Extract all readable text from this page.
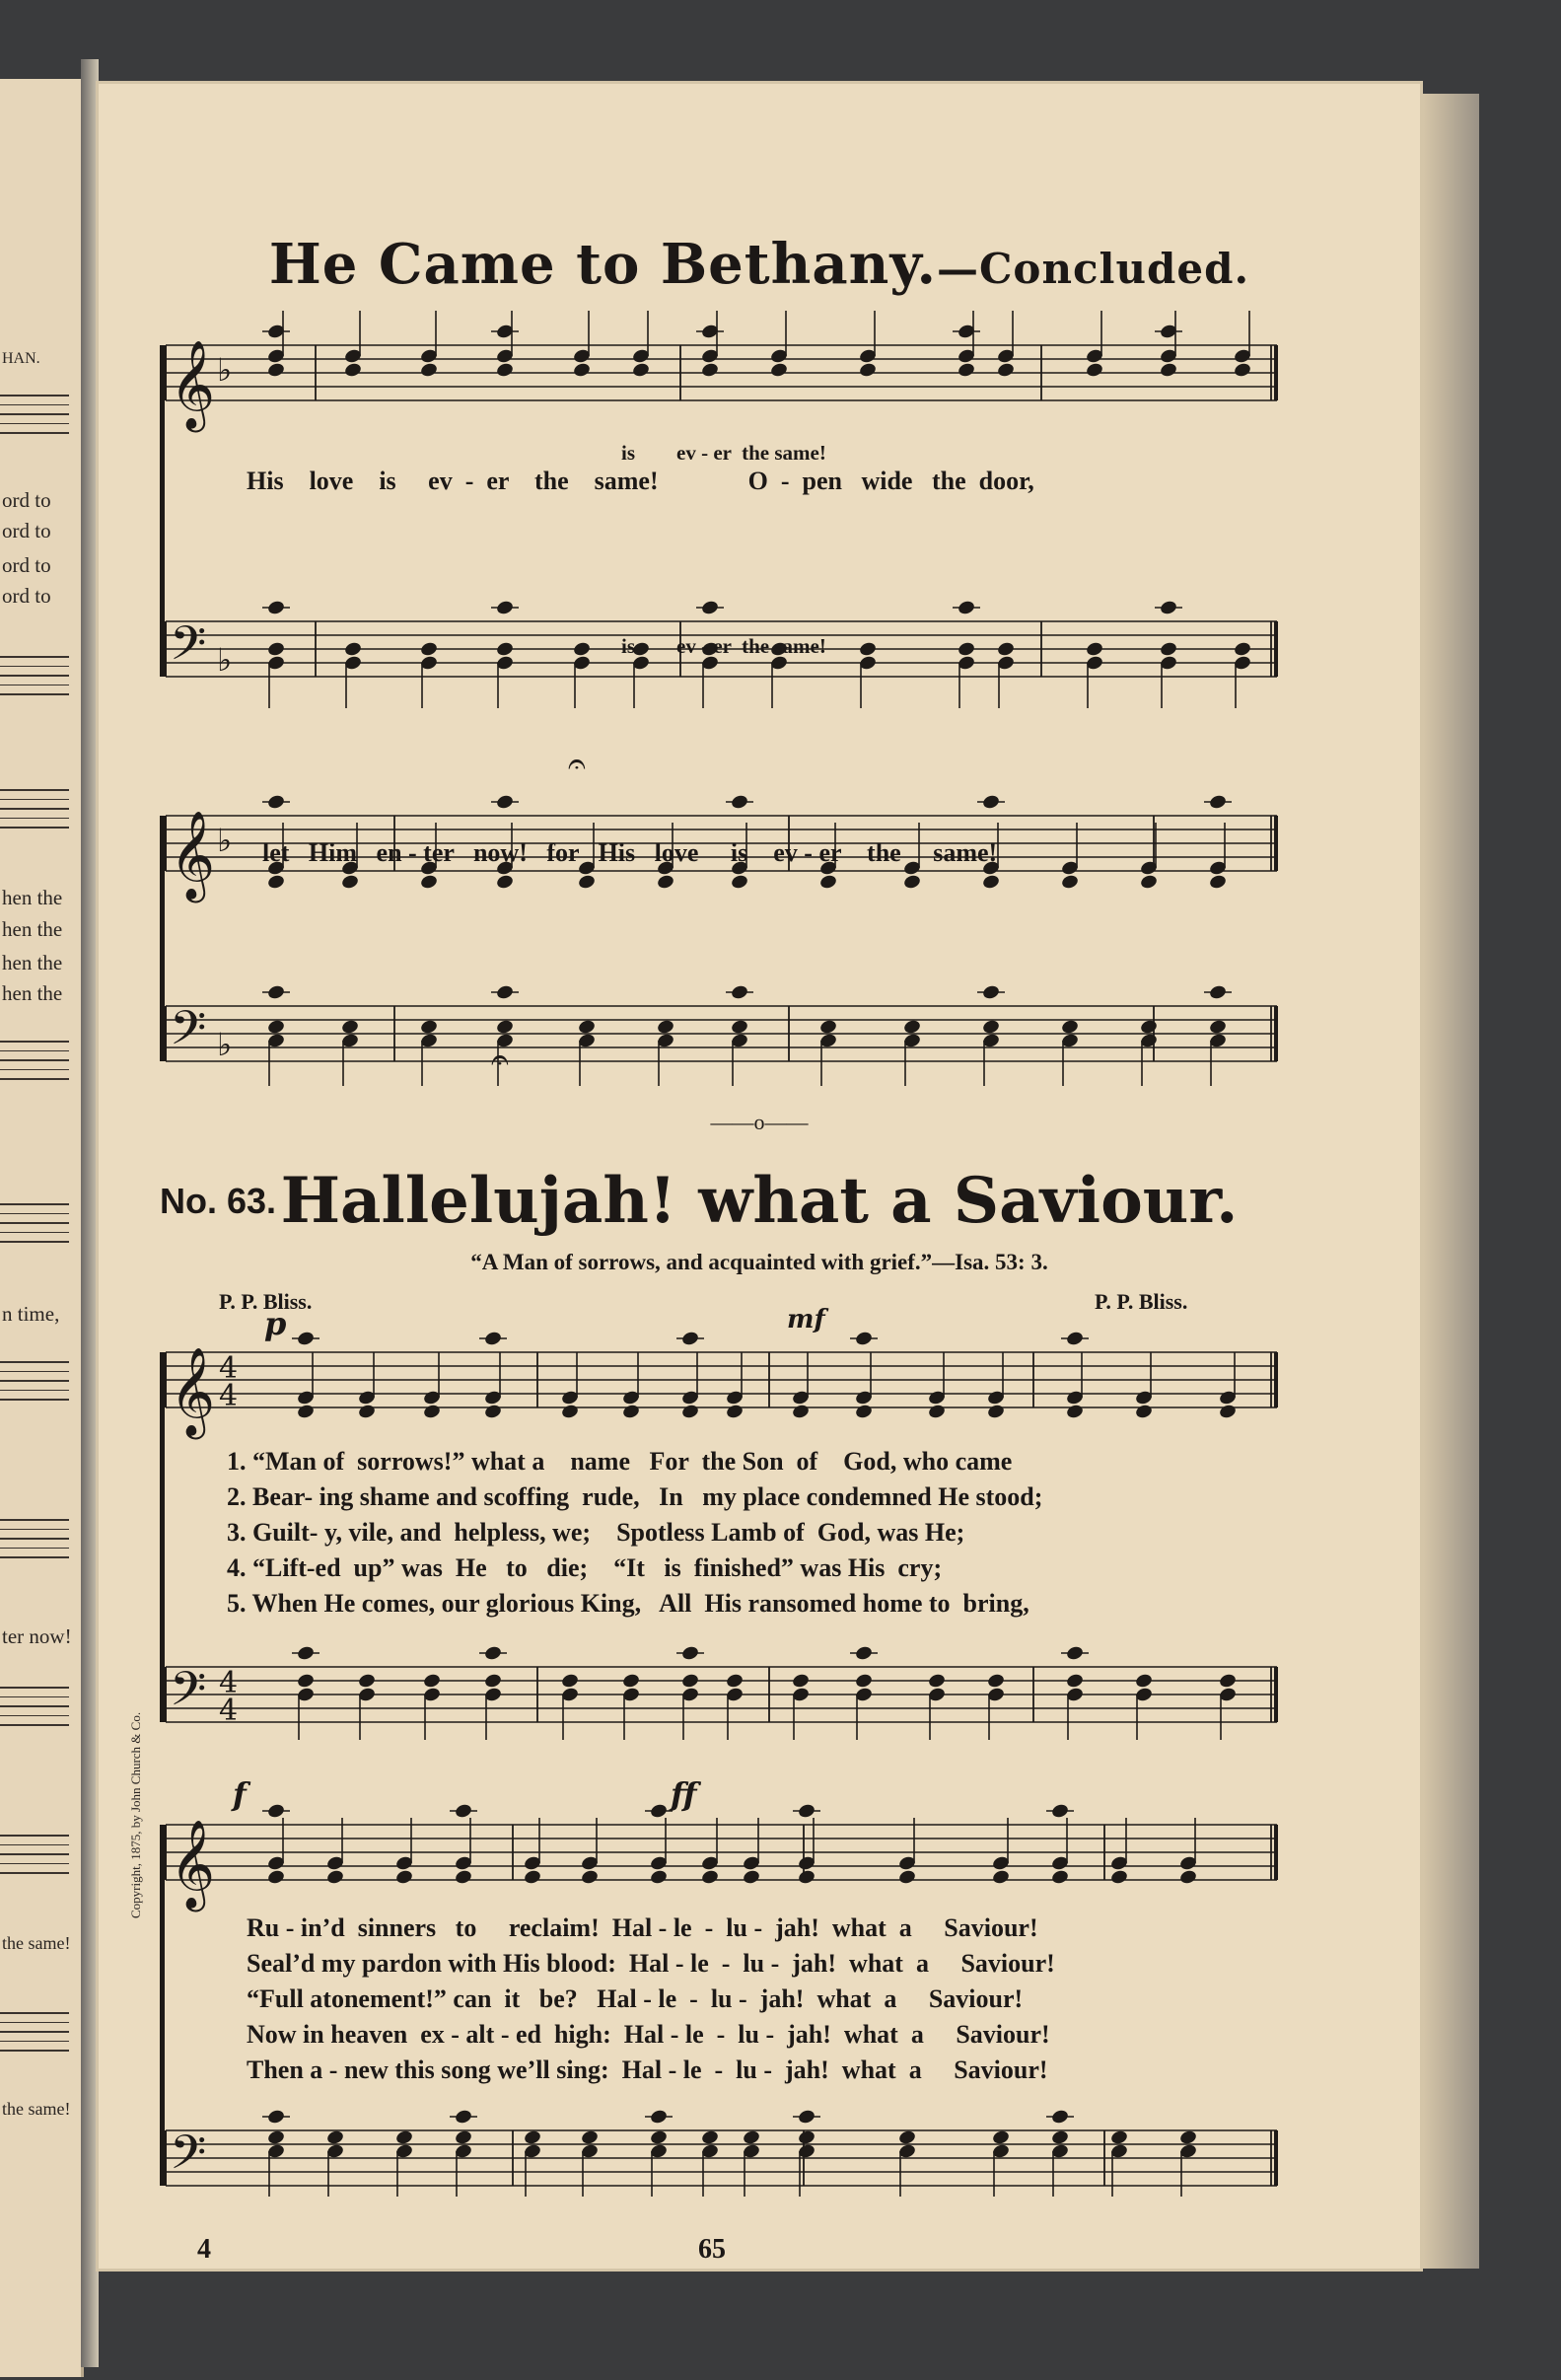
HAN.
ord to
ord to
ord to
ord to
hen the
hen the
hen the
hen the
n time,
ter now!
the same!
the same!
𝄞 ♭
𝄢 ♭
𝄞 ♭
𝄢 ♭
𝄞 4
4
𝄢 4
4
𝄞
𝄢
𝄐
𝄐
He Came to Bethany.—Concluded.
is        ev - er  the same!
His    love    is     ev  -  er    the    same!              O  -  pen   wide   the  door,
is        ev - er  the same!
let   Him   en - ter   now!   for   His   love     is    ev - er    the     same!
——o——
No. 63. Hallelujah! what a Saviour.
“A Man of sorrows, and acquainted with grief.”—Isa. 53: 3.
P. P. Bliss.	P. P. Bliss.
p	mf
f	ff
1. “Man of  sorrows!” what a    name   For  the Son  of    God, who came
2. Bear- ing shame and scoffing  rude,   In   my place condemned He stood;
3. Guilt- y, vile, and  helpless, we;    Spotless Lamb of  God, was He;
4. “Lift-ed  up” was  He   to   die;    “It   is  finished” was His  cry;
5. When He comes, our glorious King,   All  His ransomed home to  bring,
Ru - in’d  sinners   to     reclaim!  Hal - le  -  lu -  jah!  what  a     Saviour!
Seal’d my pardon with His blood:  Hal - le  -  lu -  jah!  what  a     Saviour!
“Full atonement!” can  it   be?   Hal - le  -  lu -  jah!  what  a     Saviour!
Now in heaven  ex - alt - ed  high:  Hal - le  -  lu -  jah!  what  a     Saviour!
Then a - new this song we’ll sing:  Hal - le  -  lu -  jah!  what  a     Saviour!
Copyright, 1875, by John Church & Co.
4	65
